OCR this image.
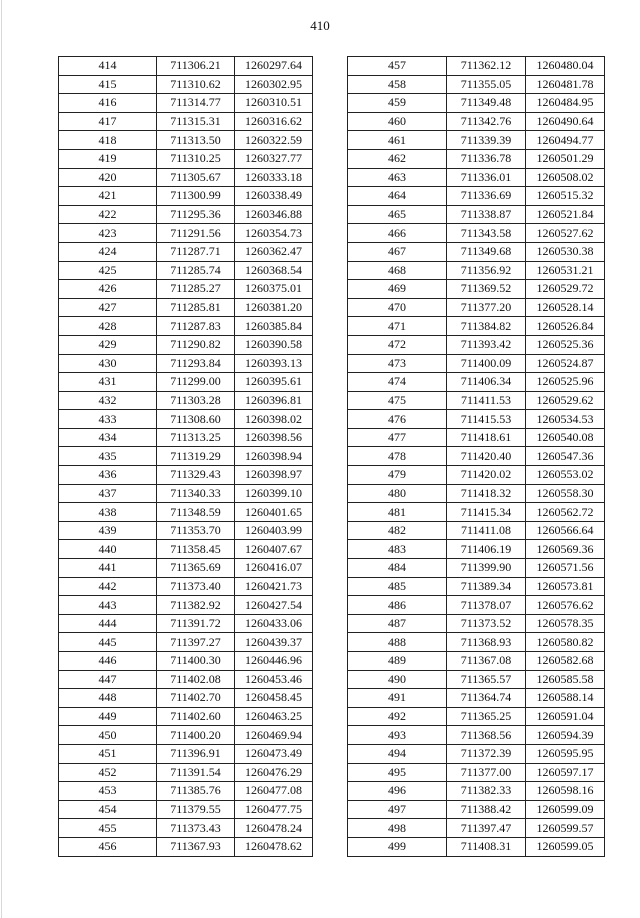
410
414	711306.21	1260297.64
415	711310.62	1260302.95
416	711314.77	1260310.51
417	711315.31	1260316.62
418	711313.50	1260322.59
419	711310.25	1260327.77
420	711305.67	1260333.18
421	711300.99	1260338.49
422	711295.36	1260346.88
423	711291.56	1260354.73
424	711287.71	1260362.47
425	711285.74	1260368.54
426	711285.27	1260375.01
427	711285.81	1260381.20
428	711287.83	1260385.84
429	711290.82	1260390.58
430	711293.84	1260393.13
431	711299.00	1260395.61
432	711303.28	1260396.81
433	711308.60	1260398.02
434	711313.25	1260398.56
435	711319.29	1260398.94
436	711329.43	1260398.97
437	711340.33	1260399.10
438	711348.59	1260401.65
439	711353.70	1260403.99
440	711358.45	1260407.67
441	711365.69	1260416.07
442	711373.40	1260421.73
443	711382.92	1260427.54
444	711391.72	1260433.06
445	711397.27	1260439.37
446	711400.30	1260446.96
447	711402.08	1260453.46
448	711402.70	1260458.45
449	711402.60	1260463.25
450	711400.20	1260469.94
451	711396.91	1260473.49
452	711391.54	1260476.29
453	711385.76	1260477.08
454	711379.55	1260477.75
455	711373.43	1260478.24
456	711367.93	1260478.62
457	711362.12	1260480.04
458	711355.05	1260481.78
459	711349.48	1260484.95
460	711342.76	1260490.64
461	711339.39	1260494.77
462	711336.78	1260501.29
463	711336.01	1260508.02
464	711336.69	1260515.32
465	711338.87	1260521.84
466	711343.58	1260527.62
467	711349.68	1260530.38
468	711356.92	1260531.21
469	711369.52	1260529.72
470	711377.20	1260528.14
471	711384.82	1260526.84
472	711393.42	1260525.36
473	711400.09	1260524.87
474	711406.34	1260525.96
475	711411.53	1260529.62
476	711415.53	1260534.53
477	711418.61	1260540.08
478	711420.40	1260547.36
479	711420.02	1260553.02
480	711418.32	1260558.30
481	711415.34	1260562.72
482	711411.08	1260566.64
483	711406.19	1260569.36
484	711399.90	1260571.56
485	711389.34	1260573.81
486	711378.07	1260576.62
487	711373.52	1260578.35
488	711368.93	1260580.82
489	711367.08	1260582.68
490	711365.57	1260585.58
491	711364.74	1260588.14
492	711365.25	1260591.04
493	711368.56	1260594.39
494	711372.39	1260595.95
495	711377.00	1260597.17
496	711382.33	1260598.16
497	711388.42	1260599.09
498	711397.47	1260599.57
499	711408.31	1260599.05
